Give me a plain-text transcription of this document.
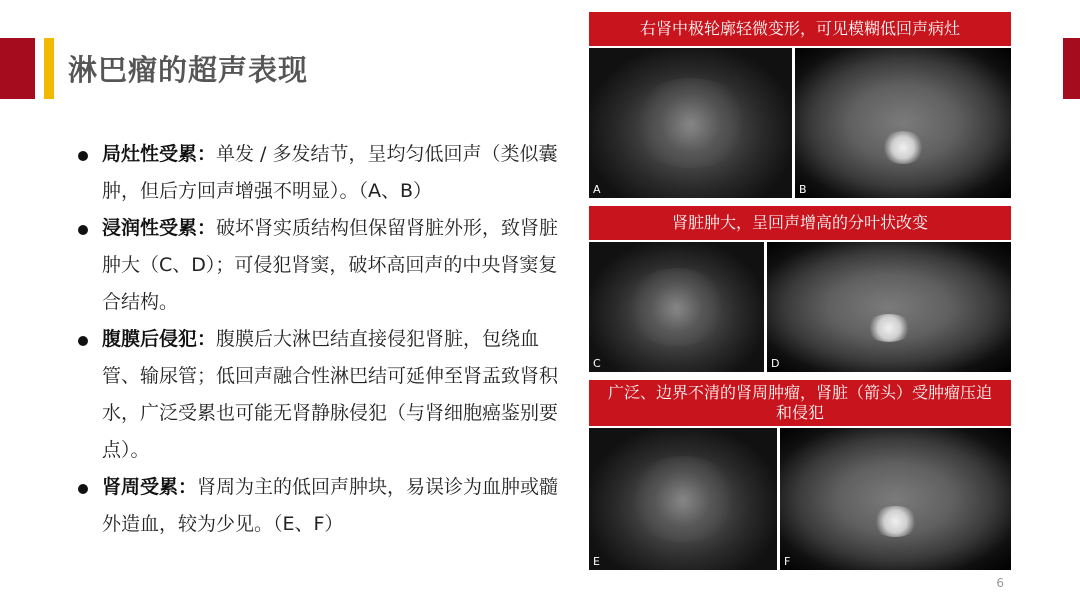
淋巴瘤的超声表现
局灶性受累：单发 / 多发结节，呈均匀低回声（类似囊肿，但后方回声增强不明显）。（A、B）
浸润性受累：破坏肾实质结构但保留肾脏外形，致肾脏肿大（C、D）；可侵犯肾窦，破坏高回声的中央肾窦复合结构。
腹膜后侵犯：腹膜后大淋巴结直接侵犯肾脏，包绕血管、输尿管；低回声融合性淋巴结可延伸至肾盂致肾积水，广泛受累也可能无肾静脉侵犯（与肾细胞癌鉴别要点）。
肾周受累：肾周为主的低回声肿块，易误诊为血肿或髓外造血，较为少见。（E、F）
右肾中极轮廓轻微变形，可见模糊低回声病灶
A	B
肾脏肿大，呈回声增高的分叶状改变
C	D
广泛、边界不清的肾周肿瘤，肾脏（箭头）受肿瘤压迫和侵犯
E	F
6
